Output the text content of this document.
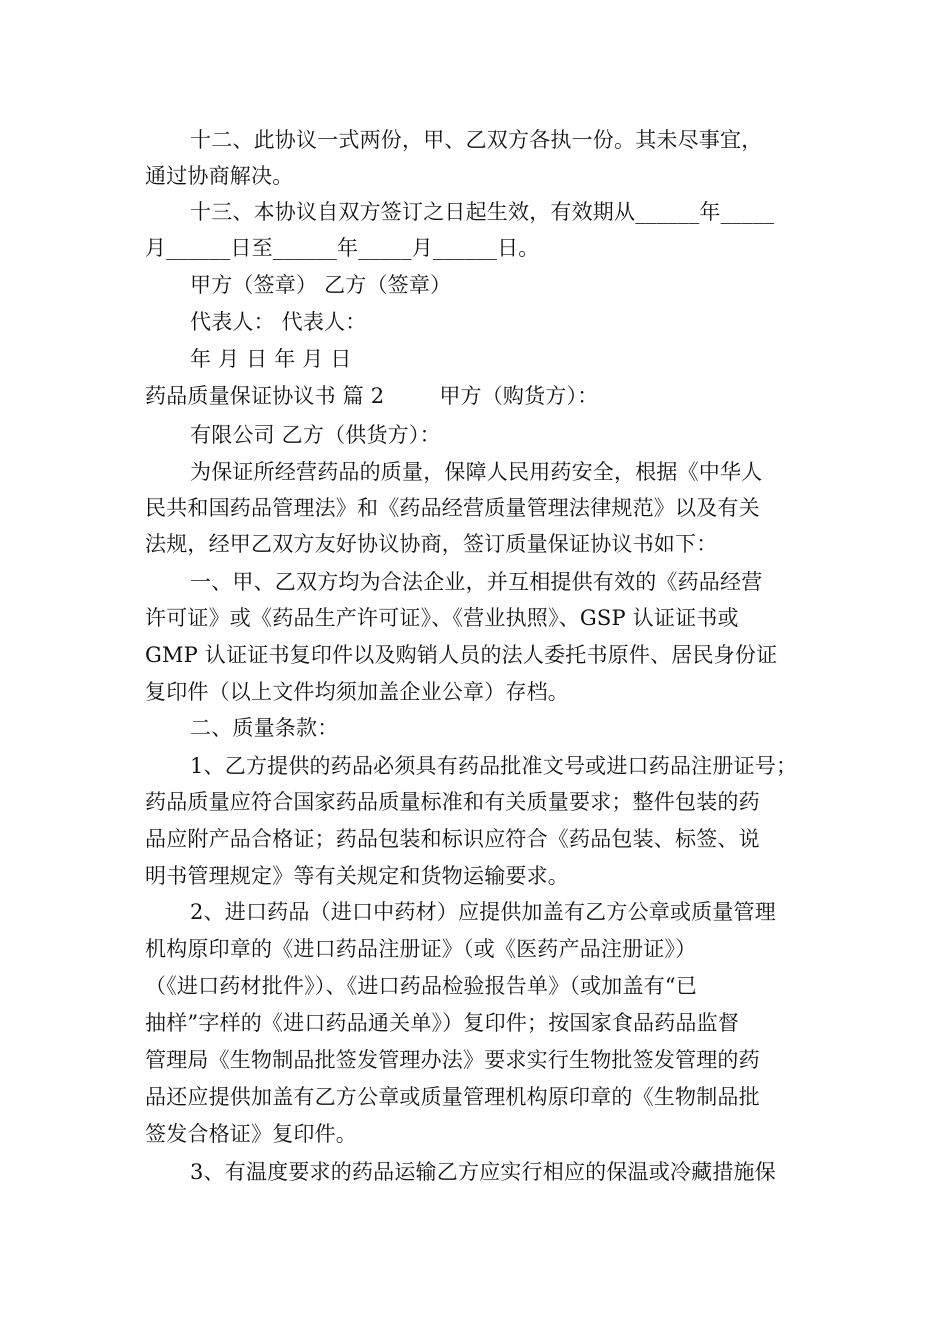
十二、此协议一式两份，甲、乙双方各执一份。其未尽事宜，
通过协商解决。
十三、本协议自双方签订之日起生效，有效期从______年_____
月______日至______年_____月______日。
甲方（签章） 乙方（签章）
代表人： 代表人：
年 月 日 年 月 日
药品质量保证协议书 篇 2        甲方（购货方）：
有限公司 乙方（供货方）：
为保证所经营药品的质量，保障人民用药安全，根据《中华人
民共和国药品管理法》和《药品经营质量管理法律规范》以及有关
法规，经甲乙双方友好协议协商，签订质量保证协议书如下：
一、甲、乙双方均为合法企业，并互相提供有效的《药品经营
许可证》或《药品生产许可证》、《营业执照》、GSP 认证证书或
GMP 认证证书复印件以及购销人员的法人委托书原件、居民身份证
复印件（以上文件均须加盖企业公章）存档。
二、质量条款：
1、乙方提供的药品必须具有药品批准文号或进口药品注册证号；
药品质量应符合国家药品质量标准和有关质量要求；整件包装的药
品应附产品合格证；药品包装和标识应符合《药品包装、标签、说
明书管理规定》等有关规定和货物运输要求。
2、进口药品（进口中药材）应提供加盖有乙方公章或质量管理
机构原印章的《进口药品注册证》（或《医药产品注册证》）
（《进口药材批件》）、《进口药品检验报告单》（或加盖有“已
抽样”字样的《进口药品通关单》）复印件；按国家食品药品监督
管理局《生物制品批签发管理办法》要求实行生物批签发管理的药
品还应提供加盖有乙方公章或质量管理机构原印章的《生物制品批
签发合格证》复印件。
3、有温度要求的药品运输乙方应实行相应的保温或冷藏措施保
